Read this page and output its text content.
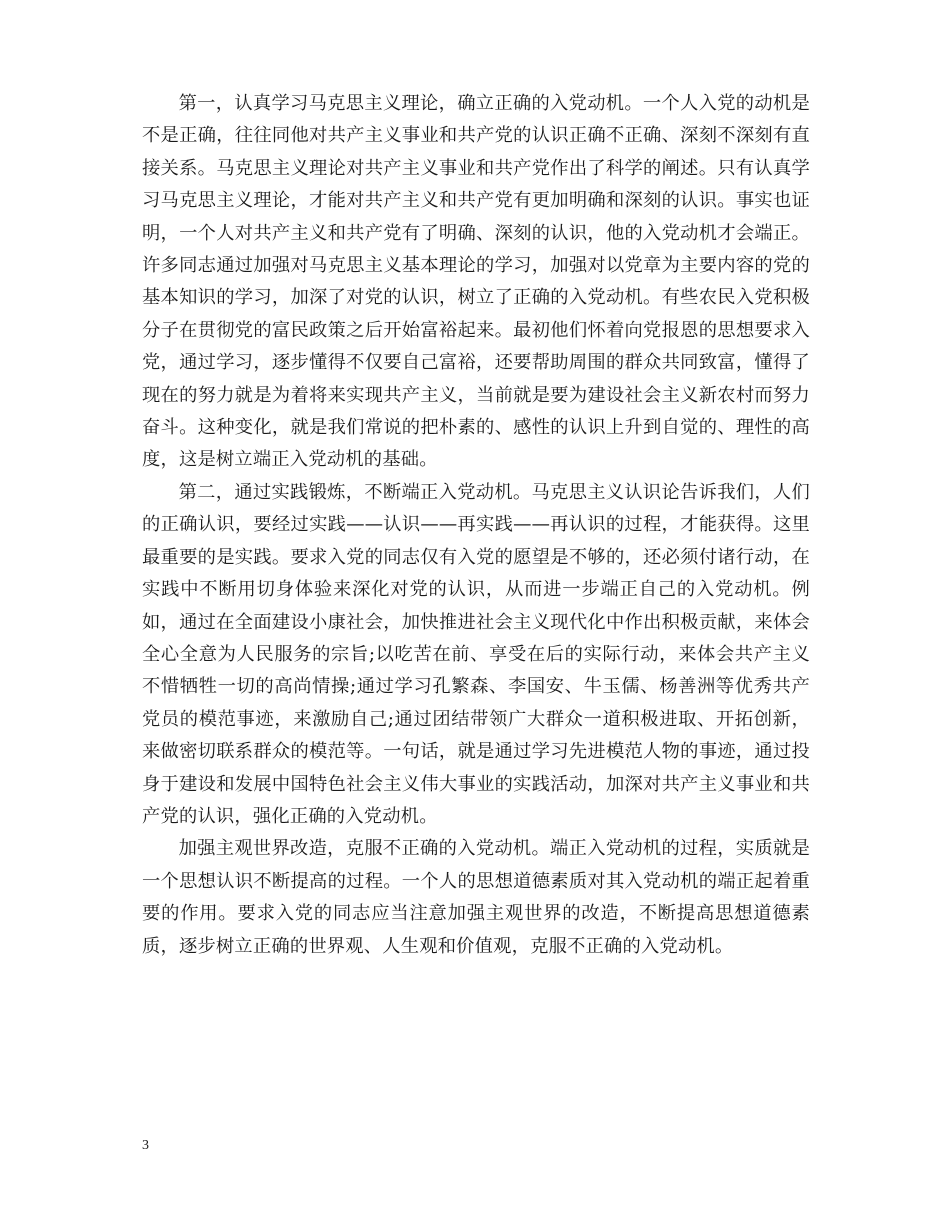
第一，认真学习马克思主义理论，确立正确的入党动机。一个人入党的动机是不是正确，往往同他对共产主义事业和共产党的认识正确不正确、深刻不深刻有直接关系。马克思主义理论对共产主义事业和共产党作出了科学的阐述。只有认真学习马克思主义理论，才能对共产主义和共产党有更加明确和深刻的认识。事实也证明，一个人对共产主义和共产党有了明确、深刻的认识，他的入党动机才会端正。许多同志通过加强对马克思主义基本理论的学习，加强对以党章为主要内容的党的基本知识的学习，加深了对党的认识，树立了正确的入党动机。有些农民入党积极分子在贯彻党的富民政策之后开始富裕起来。最初他们怀着向党报恩的思想要求入党，通过学习，逐步懂得不仅要自己富裕，还要帮助周围的群众共同致富，懂得了现在的努力就是为着将来实现共产主义，当前就是要为建设社会主义新农村而努力奋斗。这种变化，就是我们常说的把朴素的、感性的认识上升到自觉的、理性的高度，这是树立端正入党动机的基础。

第二，通过实践锻炼，不断端正入党动机。马克思主义认识论告诉我们，人们的正确认识，要经过实践——认识——再实践——再认识的过程，才能获得。这里最重要的是实践。要求入党的同志仅有入党的愿望是不够的，还必须付诸行动，在实践中不断用切身体验来深化对党的认识，从而进一步端正自己的入党动机。例如，通过在全面建设小康社会，加快推进社会主义现代化中作出积极贡献，来体会全心全意为人民服务的宗旨;以吃苦在前、享受在后的实际行动，来体会共产主义不惜牺牲一切的高尚情操;通过学习孔繁森、李国安、牛玉儒、杨善洲等优秀共产党员的模范事迹，来激励自己;通过团结带领广大群众一道积极进取、开拓创新，来做密切联系群众的模范等。一句话，就是通过学习先进模范人物的事迹，通过投身于建设和发展中国特色社会主义伟大事业的实践活动，加深对共产主义事业和共产党的认识，强化正确的入党动机。

加强主观世界改造，克服不正确的入党动机。端正入党动机的过程，实质就是一个思想认识不断提高的过程。一个人的思想道德素质对其入党动机的端正起着重要的作用。要求入党的同志应当注意加强主观世界的改造，不断提高思想道德素质，逐步树立正确的世界观、人生观和价值观，克服不正确的入党动机。

3
